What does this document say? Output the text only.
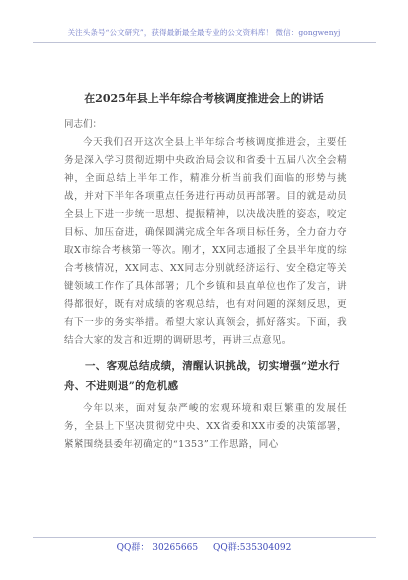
关注头条号“公文研究”，获得最新最全最专业的公文资料库！ 微信：gongwenyj
在2025年县上半年综合考核调度推进会上的讲话
同志们：

今天我们召开这次全县上半年综合考核调度推进会，主要任务是深入学习贯彻近期中央政治局会议和省委十五届八次全会精神，全面总结上半年工作，精准分析当前我们面临的形势与挑战，并对下半年各项重点任务进行再动员再部署。目的就是动员全县上下进一步统一思想、提振精神，以决战决胜的姿态，咬定目标、加压奋进，确保圆满完成全年各项目标任务，全力奋力夺取X市综合考核第一等次。刚才，XX同志通报了全县半年度的综合考核情况，XX同志、XX同志分别就经济运行、安全稳定等关键领域工作作了具体部署；几个乡镇和县直单位也作了发言，讲得都很好，既有对成绩的客观总结，也有对问题的深刻反思，更有下一步的务实举措。希望大家认真领会，抓好落实。下面，我结合大家的发言和近期的调研思考，再讲三点意见。

一、客观总结成绩，清醒认识挑战，切实增强“逆水行舟、不进则退”的危机感

今年以来，面对复杂严峻的宏观环境和艰巨繁重的发展任务，全县上下坚决贯彻党中央、XX省委和XX市委的决策部署，紧紧围绕县委年初确定的“1353”工作思路，同心

QQ群： 30265665 QQ群:535304092
